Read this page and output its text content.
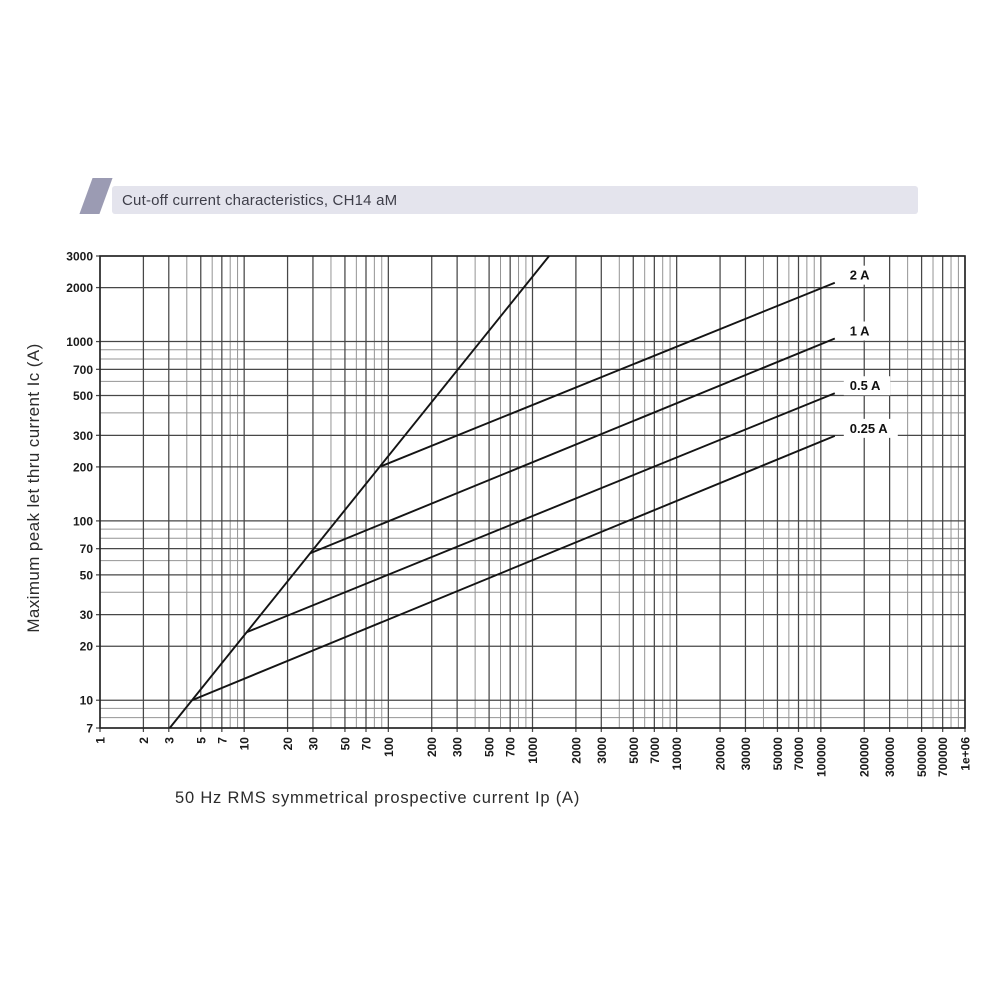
Cut-off current characteristics, CH14 aM
Maximum peak let thru current Ic (A)
7
10
20
30
50
70
100
200
300
500
700
1000
2000
3000
1 2 3 5 7 10 20 30 50 70 100 200 300 500 700 1000 2000 3000 5000 7000 10000 20000 30000 50000 70000 100000 200000 300000 500000 700000 1e+06
2 A
1 A
0.5 A
0.25 A
50 Hz RMS symmetrical prospective current Ip (A)
